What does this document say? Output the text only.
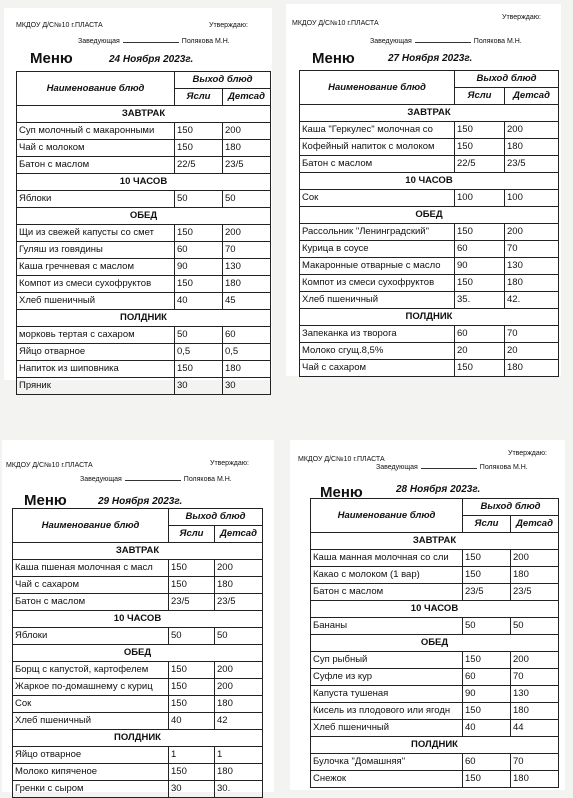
МКДОУ Д/С№10 г.ПЛАСТА	Утверждаю:
Заведующая	Полякова М.Н.
Меню	24 Ноября 2023г.
Наименование блюд	Выход блюд	
	Ясли	Детсад
ЗАВТРАК		
Суп молочный с макаронными	150	200
Чай с молоком	150	180
Батон с маслом	22/5	23/5
10 ЧАСОВ		
Яблоки	50	50
ОБЕД		
Щи из свежей капусты со смет	150	200
Гуляш из говядины	60	70
Каша гречневая с маслом	90	130
Компот из смеси сухофруктов	150	180
Хлеб пшеничный	40	45
ПОЛДНИК		
морковь тертая с сахаром	50	60
Яйцо отварное	0,5	0,5
Напиток из шиповника	150	180
Пряник	30	30
МКДОУ Д/С№10 г.ПЛАСТА
Утверждаю:
Заведующая	Полякова М.Н.
Меню	27 Ноября 2023г.
Наименование блюд	Выход блюд	
	Ясли	Детсад
ЗАВТРАК		
Каша "Геркулес" молочная со	150	200
Кофейный напиток с молоком	150	180
Батон с маслом	22/5	23/5
10 ЧАСОВ		
Сок	100	100
ОБЕД		
Рассольник "Ленинградский"	150	200
Курица в соусе	60	70
Макаронные отварные с масло	90	130
Компот из смеси сухофруктов	150	180
Хлеб пшеничный	35.	42.
ПОЛДНИК		
Запеканка из творога	60	70
Молоко сгущ.8,5%	20	20
Чай с сахаром	150	180
МКДОУ Д/С№10 г.ПЛАСТА	Утверждаю:
Заведующая	Полякова М.Н.
Меню	29 Ноября 2023г.
Наименование блюд	Выход блюд	
	Ясли	Детсад
ЗАВТРАК		
Каша пшеная молочная с масл	150	200
Чай с сахаром	150	180
Батон с маслом	23/5	23/5
10 ЧАСОВ		
Яблоки	50	50
ОБЕД		
Борщ с капустой, картофелем	150	200
Жаркое по-домашнему с куриц	150	200
Сок	150	180
Хлеб пшеничный	40	42
ПОЛДНИК		
Яйцо отварное	1	1
Молоко кипяченое	150	180
Гренки с сыром	30	30.
МКДОУ Д/С№10 г.ПЛАСТА
Утверждаю:
Заведующая	Полякова М.Н.
Меню	28 Ноября 2023г.
Наименование блюд	Выход блюд	
	Ясли	Детсад
ЗАВТРАК		
Каша манная молочная со сли	150	200
Какао с молоком (1 вар)	150	180
Батон с маслом	23/5	23/5
10 ЧАСОВ		
Бананы	50	50
ОБЕД		
Суп рыбный	150	200
Суфле из кур	60	70
Капуста тушеная	90	130
Кисель из плодового или ягодн	150	180
Хлеб пшеничный	40	44
ПОЛДНИК		
Булочка "Домашняя"	60	70
Снежок	150	180
